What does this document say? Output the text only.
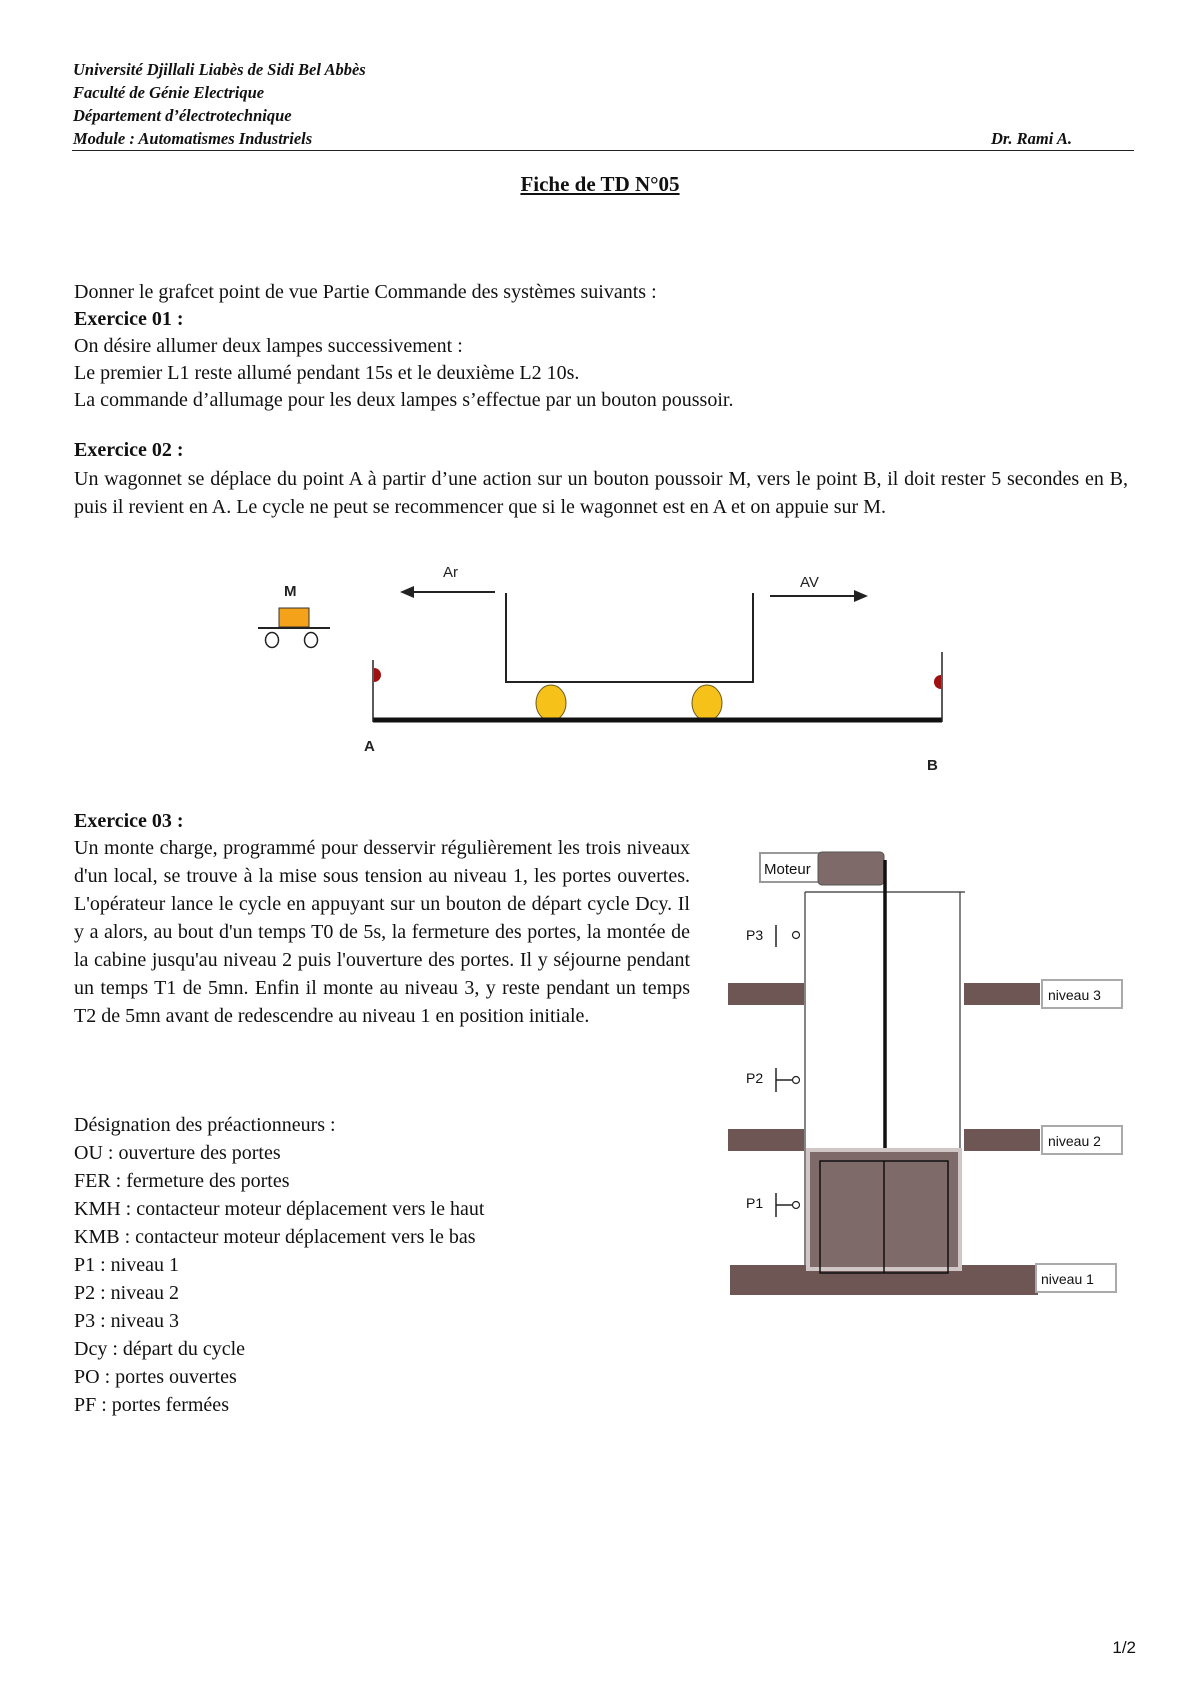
Université Djillali Liabès de Sidi Bel Abbès
Faculté de Génie Electrique
Département d’électrotechnique
Module : Automatismes Industriels	Dr. Rami A.
Fiche de TD N°05
Donner le grafcet point de vue Partie Commande des systèmes suivants :
Exercice 01 :
On désire allumer deux lampes successivement :
Le premier L1 reste allumé pendant 15s et le deuxième L2 10s.
La commande d’allumage pour les deux lampes s’effectue par un bouton poussoir.
Exercice 02 :
Un wagonnet se déplace du point A à partir d’une action sur un bouton poussoir M, vers le point B, il doit rester 5 secondes en B, puis il revient en A. Le cycle ne peut se recommencer que si le wagonnet est en A et on appuie sur M.
M
Ar
AV
A
B
Exercice 03 :
Un monte charge, programmé pour desservir régulièrement les trois niveaux d'un local, se trouve à la mise sous tension au niveau 1, les portes ouvertes. L'opérateur lance le cycle en appuyant sur un bouton de départ cycle Dcy. Il y a alors, au bout d'un temps T0 de 5s, la fermeture des portes, la montée de la cabine jusqu'au niveau 2 puis l'ouverture des portes. Il y séjourne pendant un temps T1 de 5mn. Enfin il monte au niveau 3, y reste pendant un temps T2 de 5mn avant de redescendre au niveau 1 en position initiale.
Désignation des préactionneurs :
OU : ouverture des portes
FER : fermeture des portes
KMH : contacteur moteur déplacement vers le haut
KMB : contacteur moteur déplacement vers le bas
P1 : niveau 1
P2 : niveau 2
P3 : niveau 3
Dcy : départ du cycle
PO : portes ouvertes
PF : portes fermées
Moteur
niveau 3
niveau 2
niveau 1
P3
P2
P1
1/2
